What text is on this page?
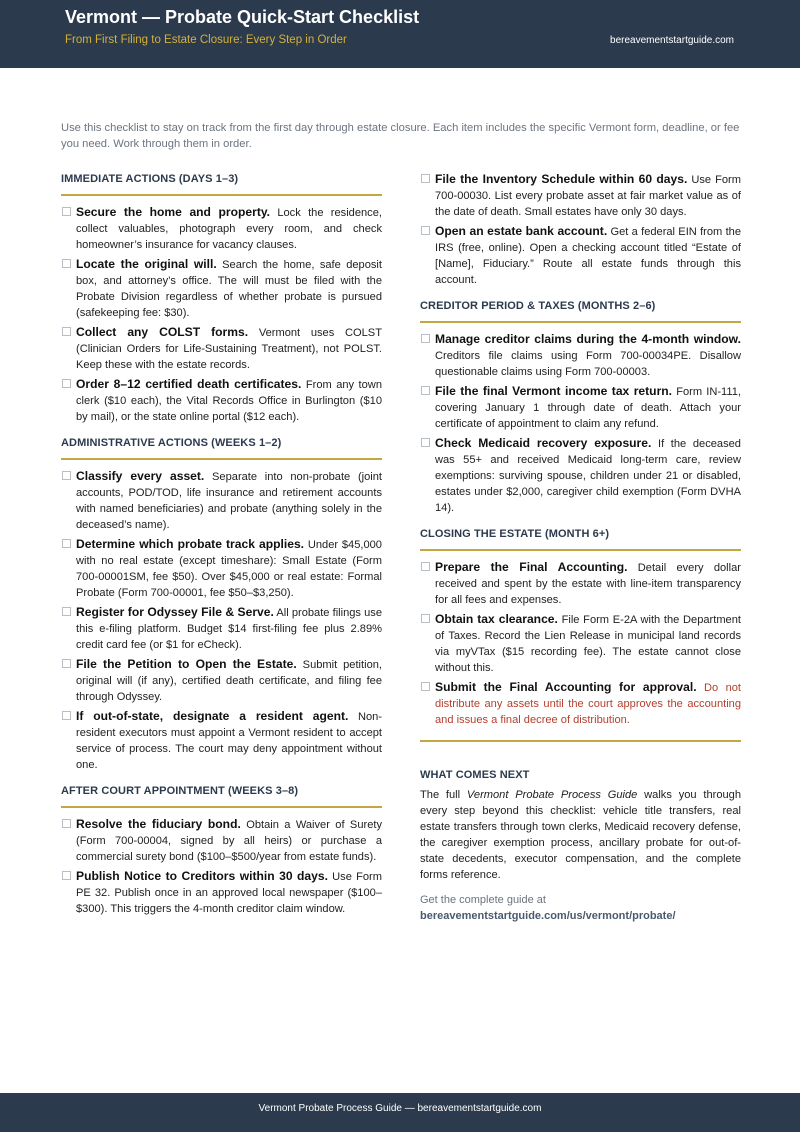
Vermont — Probate Quick-Start Checklist
From First Filing to Estate Closure: Every Step in Order	bereavementstartguide.com
Use this checklist to stay on track from the first day through estate closure. Each item includes the specific Vermont form, deadline, or fee you need. Work through them in order.
IMMEDIATE ACTIONS (DAYS 1–3)
Secure the home and property. Lock the residence, collect valuables, photograph every room, and check homeowner’s insurance for vacancy clauses.
Locate the original will. Search the home, safe deposit box, and attorney’s office. The will must be filed with the Probate Division regardless of whether probate is pursued (safekeeping fee: $30).
Collect any COLST forms. Vermont uses COLST (Clinician Orders for Life-Sustaining Treatment), not POLST. Keep these with the estate records.
Order 8–12 certified death certificates. From any town clerk ($10 each), the Vital Records Office in Burlington ($10 by mail), or the state online portal ($12 each).
ADMINISTRATIVE ACTIONS (WEEKS 1–2)
Classify every asset. Separate into non-probate (joint accounts, POD/TOD, life insurance and retirement accounts with named beneficiaries) and probate (anything solely in the deceased’s name).
Determine which probate track applies. Under $45,000 with no real estate (except timeshare): Small Estate (Form 700-00001SM, fee $50). Over $45,000 or real estate: Formal Probate (Form 700-00001, fee $50–$3,250).
Register for Odyssey File & Serve. All probate filings use this e-filing platform. Budget $14 first-filing fee plus 2.89% credit card fee (or $1 for eCheck).
File the Petition to Open the Estate. Submit petition, original will (if any), certified death certificate, and filing fee through Odyssey.
If out-of-state, designate a resident agent. Non-resident executors must appoint a Vermont resident to accept service of process. The court may deny appointment without one.
AFTER COURT APPOINTMENT (WEEKS 3–8)
Resolve the fiduciary bond. Obtain a Waiver of Surety (Form 700-00004, signed by all heirs) or purchase a commercial surety bond ($100–$500/year from estate funds).
Publish Notice to Creditors within 30 days. Use Form PE 32. Publish once in an approved local newspaper ($100–$300). This triggers the 4-month creditor claim window.
File the Inventory Schedule within 60 days. Use Form 700-00030. List every probate asset at fair market value as of the date of death. Small estates have only 30 days.
Open an estate bank account. Get a federal EIN from the IRS (free, online). Open a checking account titled “Estate of [Name], Fiduciary.” Route all estate funds through this account.
CREDITOR PERIOD & TAXES (MONTHS 2–6)
Manage creditor claims during the 4-month window. Creditors file claims using Form 700-00034PE. Disallow questionable claims using Form 700-00003.
File the final Vermont income tax return. Form IN-111, covering January 1 through date of death. Attach your certificate of appointment to claim any refund.
Check Medicaid recovery exposure. If the deceased was 55+ and received Medicaid long-term care, review exemptions: surviving spouse, children under 21 or disabled, estates under $2,000, caregiver child exemption (Form DVHA 14).
CLOSING THE ESTATE (MONTH 6+)
Prepare the Final Accounting. Detail every dollar received and spent by the estate with line-item transparency for all fees and expenses.
Obtain tax clearance. File Form E-2A with the Department of Taxes. Record the Lien Release in municipal land records via myVTax ($15 recording fee). The estate cannot close without this.
Submit the Final Accounting for approval. Do not distribute any assets until the court approves the accounting and issues a final decree of distribution.
WHAT COMES NEXT
The full Vermont Probate Process Guide walks you through every step beyond this checklist: vehicle title transfers, real estate transfers through town clerks, Medicaid recovery defense, the caregiver exemption process, ancillary probate for out-of-state decedents, executor compensation, and the complete forms reference.
Get the complete guide at
bereavementstartguide.com/us/vermont/probate/
Vermont Probate Process Guide — bereavementstartguide.com
